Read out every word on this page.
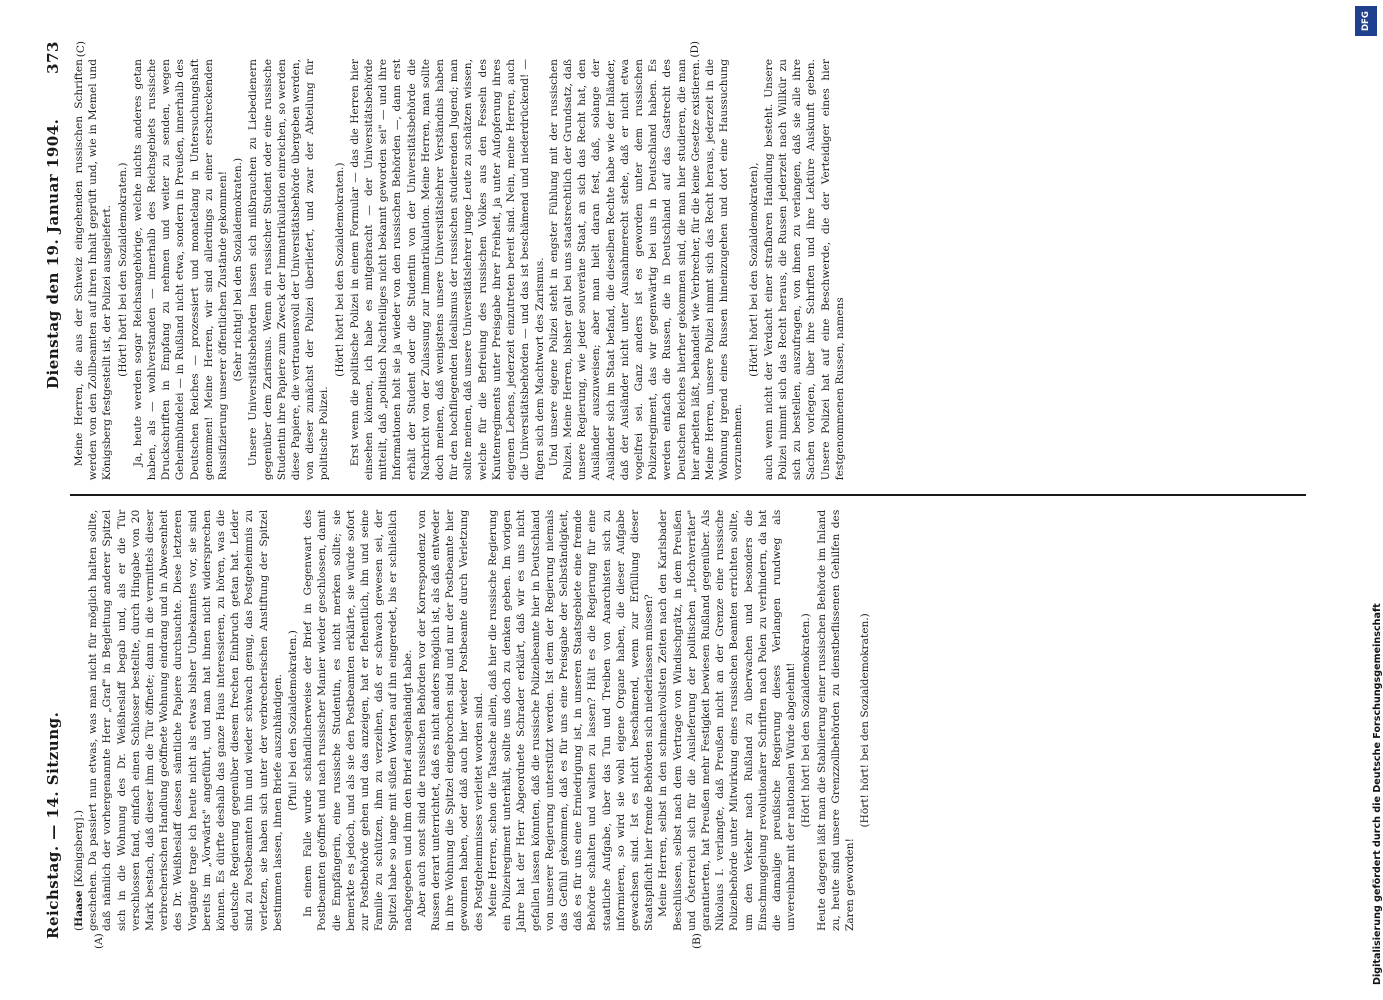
Reichstag. — 14. Sitzung.
Dienstag den 19. Januar 1904.
373
(A)	(B)

(Haase [Königsberg].) geschehen. Da passiert nun etwas, was man nicht für möglich halten sollte, daß nämlich der vorhergenannte Herr „Graf" in Begleitung anderer Spitzel sich in die Wohnung des Dr. Weißheslaff begab und, als er die Tür verschlossen fand, einfach einen Schlosser bestellte, durch Hingabe von 20 Mark bestach, daß dieser ihm die Tür öffnete; dann in die vermittels dieser verbrecherischen Handlung geöffnete Wohnung eindrang und in Abwesenheit des Dr. Weißheslaff dessen sämtliche Papiere durchsuchte. Diese letzteren Vorgänge trage ich heute nicht als etwas bisher Unbekanntes vor, sie sind bereits im „Vorwärts" angeführt, und man hat ihnen nicht widersprechen können. Es dürfte deshalb das ganze Haus interessieren, zu hören, was die deutsche Regierung gegenüber diesem frechen Einbruch getan hat. Leider sind zu Postbeamten hin und wieder schwach genug, das Postgeheimnis zu verletzen, sie haben sich unter der verbrecherischen Anstiftung der Spitzel bestimmen lassen, ihnen Briefe auszuhändigen. (Pfui! bei den Sozialdemokraten.) In einem Falle wurde schändlicherweise der Brief in Gegenwart des Postbeamten geöffnet und nach russischer Manier wieder geschlossen, damit die Empfängerin, eine russische Studentin, es nicht merken sollte; sie bemerkte es jedoch, und als sie den Postbeamten erklärte, sie würde sofort zur Postbehörde gehen und das anzeigen, hat er flehentlich, ihn und seine Familie zu schützen, ihm zu verzeihen, daß er schwach gewesen sei, der Spitzel habe so lange mit süßen Worten auf ihn eingeredet, bis er schließlich nachgegeben und ihm den Brief ausgehändigt habe. Aber auch sonst sind die russischen Behörden vor der Korrespondenz von Russen derart unterrichtet, daß es nicht anders möglich ist, als daß entweder in ihre Wohnung die Spitzel eingebrochen sind und nur der Postbeamte hier gewonnen haben, oder daß auch hier wieder Postbeamte durch Verletzung des Postgeheimnisses verleitet worden sind. Meine Herren, schon die Tatsache allein, daß hier die russische Regierung ein Polizeiregiment unterhält, sollte uns doch zu denken geben. Im vorigen Jahre hat der Herr Abgeordnete Schrader erklärt, daß wir es uns nicht gefallen lassen könnten, daß die russische Polizeibeamte hier in Deutschland von unserer Regierung unterstützt werden. Ist dem der Regierung niemals das Gefühl gekommen, daß es für uns eine Preisgabe der Selbständigkeit, daß es für uns eine Erniedrigung ist, in unseren Staatsgebiete eine fremde Behörde schalten und walten zu lassen? Hält es die Regierung für eine staatliche Aufgabe, über das Tun und Treiben von Anarchisten sich zu informieren, so wird sie wohl eigene Organe haben, die dieser Aufgabe gewachsen sind. Ist es nicht beschämend, wenn zur Erfüllung dieser Staatspflicht hier fremde Behörden sich niederlassen müssen? Meine Herren, selbst in den schmachvollsten Zeiten nach den Karlsbader Beschlüssen, selbst nach dem Vertrage von Windischgrätz, in dem Preußen und Österreich sich für die Auslieferung der politischen „Hochverräter" garantierten, hat Preußen mehr Festigkeit bewiesen Rußland gegenüber. Als Nikolaus I. verlangte, daß Preußen nicht an der Grenze eine russische Polizeibehörde unter Mitwirkung eines russischen Beamten errichten sollte, um den Verkehr nach Rußland zu überwachen und besonders die Einschmuggelung revolutionärer Schriften nach Polen zu verhindern, da hat die damalige preußische Regierung dieses Verlangen rundweg als unvereinbar mit der nationalen Würde abgelehnt! (Hört! hört! bei den Sozialdemokraten.) Heute dagegen läßt man die Stabilierung einer russischen Behörde im Inland zu, heute sind unsere Grenzzollbehörden zu dienstbeflissenen Gehilfen des Zaren geworden!

(Hört! hört! bei den Sozialdemokraten.)

(C)	(D)

Meine Herren, die aus der Schweiz eingehenden russischen Schriften werden von den Zollbeamten auf ihren Inhalt geprüft und, wie in Memel und Königsberg festgestellt ist, der Polizei ausgeliefert. (Hört! hört! bei den Sozialdemokraten.) Ja, heute werden sogar Reichsangehörige, welche nichts anderes getan haben, als — wohlverstanden — innerhalb des Reichsgebiets russische Druckschriften in Empfang zu nehmen und weiter zu senden, wegen Geheimbündelei — in Rußland nicht etwa, sondern in Preußen, innerhalb des Deutschen Reiches — prozessiert und monatelang in Untersuchungshaft genommen! Meine Herren, wir sind allerdings zu einer erschreckenden Russifizierung unserer öffentlichen Zustände gekommen! (Sehr richtig! bei den Sozialdemokraten.) Unsere Universitätsbehörden lassen sich mißbrauchen zu Liebedienern gegenüber dem Zarismus. Wenn ein russischer Student oder eine russische Studentin ihre Papiere zum Zweck der Immatrikulation einreichen, so werden diese Papiere, die vertrauensvoll der Universitätsbehörde übergeben werden, von dieser zunächst der Polizei überliefert, und zwar der Abteilung für politische Polizei.

(Hört! hört! bei den Sozialdemokraten.) Erst wenn die politische Polizei in einem Formular — das die Herren hier einsehen können, ich habe es mitgebracht — der Universitätsbehörde mitteilt, daß „politisch Nachteiliges nicht bekannt geworden sei" — und ihre Informationen holt sie ja wieder von den russischen Behörden —, dann erst erhält der Student oder die Studentin von der Universitätsbehörde die Nachricht von der Zulassung zur Immatrikulation. Meine Herren, man sollte doch meinen, daß wenigstens unsere Universitätslehrer Verständnis haben für den hochfliegenden Idealismus der russischen studierenden Jugend; man sollte meinen, daß unsere Universitätslehrer junge Leute zu schätzen wissen, welche für die Befreiung des russischen Volkes aus den Fesseln des Knutenregiments unter Preisgabe ihrer Freiheit, ja unter Aufopferung ihres eigenen Lebens, jederzeit einzutreten bereit sind. Nein, meine Herren, auch die Universitätsbehörden — und das ist beschämend und niederdrückend! — fügen sich dem Machtwort des Zarismus. Und unsere eigene Polizei steht in engster Fühlung mit der russischen Polizei. Meine Herren, bisher galt bei uns staatsrechtlich der Grundsatz, daß unsere Regierung, wie jeder souveräne Staat, an sich das Recht hat, den Ausländer auszuweisen; aber man hielt daran fest, daß, solange der Ausländer sich im Staat befand, die dieselben Rechte habe wie der Inländer, daß der Ausländer nicht unter Ausnahmerecht stehe, daß er nicht etwa vogelfrei sei. Ganz anders ist es geworden unter dem russischen Polizeiregiment, das wir gegenwärtig bei uns in Deutschland haben. Es werden einfach die Russen, die in Deutschland auf das Gastrecht des Deutschen Reiches hierher gekommen sind, die man hier studieren, die man hier arbeiten läßt, behandelt wie Verbrecher, für die keine Gesetze existieren. Meine Herren, unsere Polizei nimmt sich das Recht heraus, jederzeit in die Wohnung irgend eines Russen hineinzugehen und dort eine Haussuchung vorzunehmen.

(Hört! hört! bei den Sozialdemokraten), auch wenn nicht der Verdacht einer strafbaren Handlung besteht. Unsere Polizei nimmt sich das Recht heraus, die Russen jederzeit nach Willkür zu sich zu bestellen, auszufragen, von ihnen zu verlangen, daß sie alle ihre Sachen vorlegen, über ihre Schriften und ihre Lektüre Auskunft geben. Unsere Polizei hat auf eine Beschwerde, die der Verteidiger eines hier festgenommenen Russen, namens

DFG
Digitalisierung gefördert durch die Deutsche Forschungsgemeinschaft
